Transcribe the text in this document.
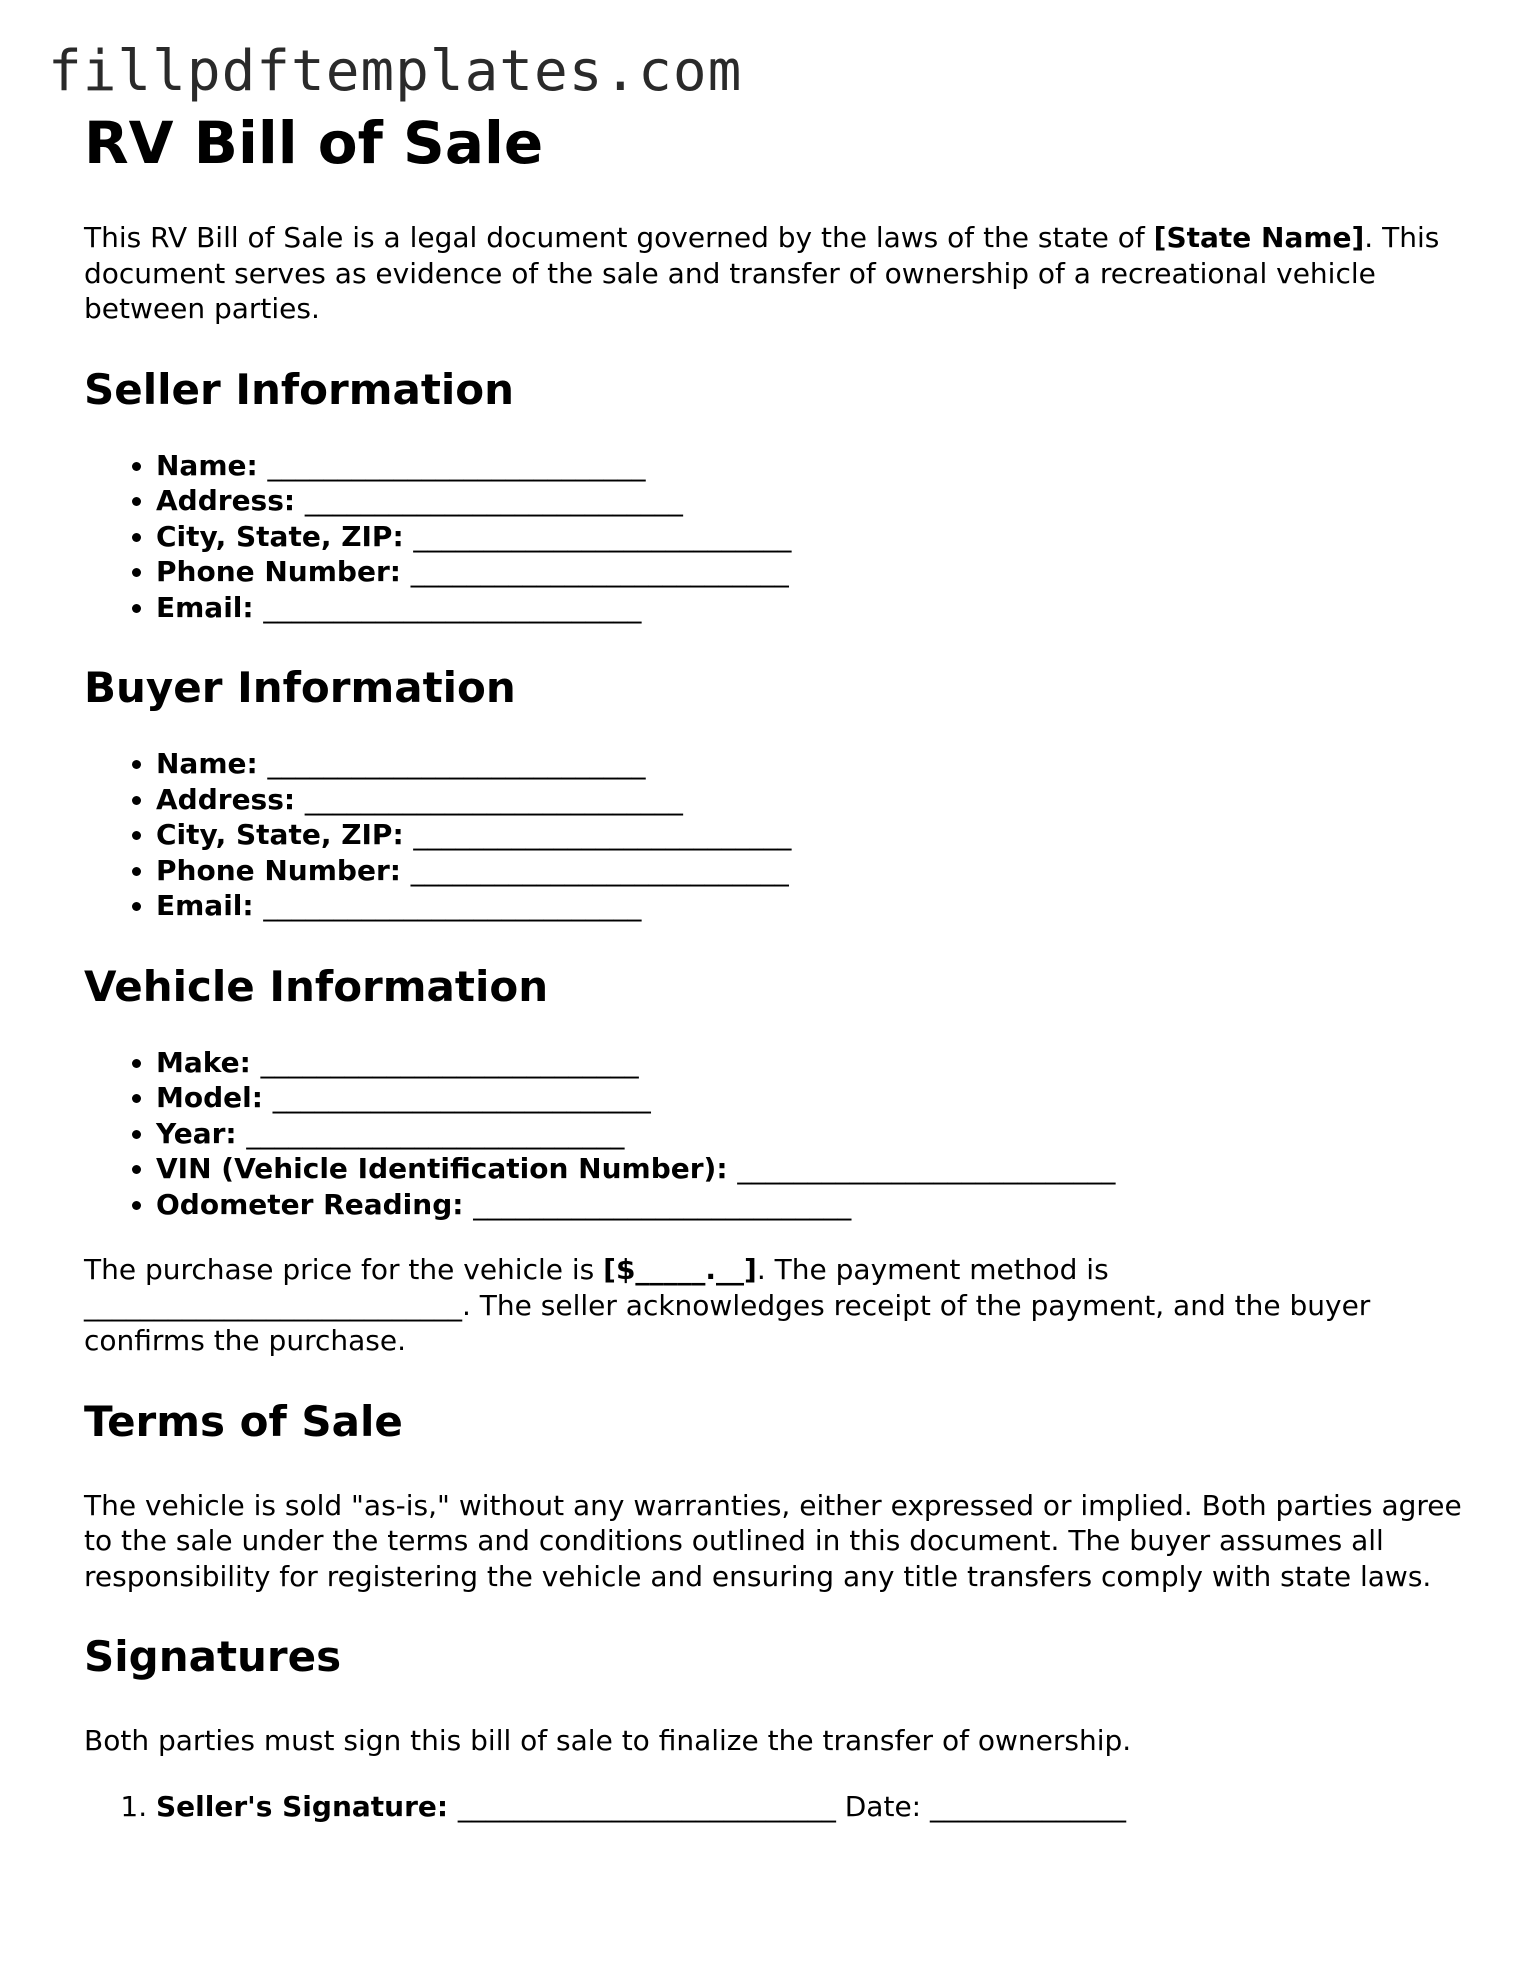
fillpdftemplates.com
RV Bill of Sale

This RV Bill of Sale is a legal document governed by the laws of the state of [State Name]. This document serves as evidence of the sale and transfer of ownership of a recreational vehicle between parties.

Seller Information
• Name: ___________________________
• Address: ___________________________
• City, State, ZIP: ___________________________
• Phone Number: ___________________________
• Email: ___________________________
Buyer Information
• Name: ___________________________
• Address: ___________________________
• City, State, ZIP: ___________________________
• Phone Number: ___________________________
• Email: ___________________________
Vehicle Information
• Make: ___________________________
• Model: ___________________________
• Year: ___________________________
• VIN (Vehicle Identification Number): ___________________________
• Odometer Reading: ___________________________

The purchase price for the vehicle is [$_____.__]. The payment method is ___________________________. The seller acknowledges receipt of the payment, and the buyer confirms the purchase.

Terms of Sale

The vehicle is sold "as-is," without any warranties, either expressed or implied. Both parties agree to the sale under the terms and conditions outlined in this document. The buyer assumes all responsibility for registering the vehicle and ensuring any title transfers comply with state laws.

Signatures

Both parties must sign this bill of sale to finalize the transfer of ownership.

1. Seller's Signature: ___________________________ Date: ______________
